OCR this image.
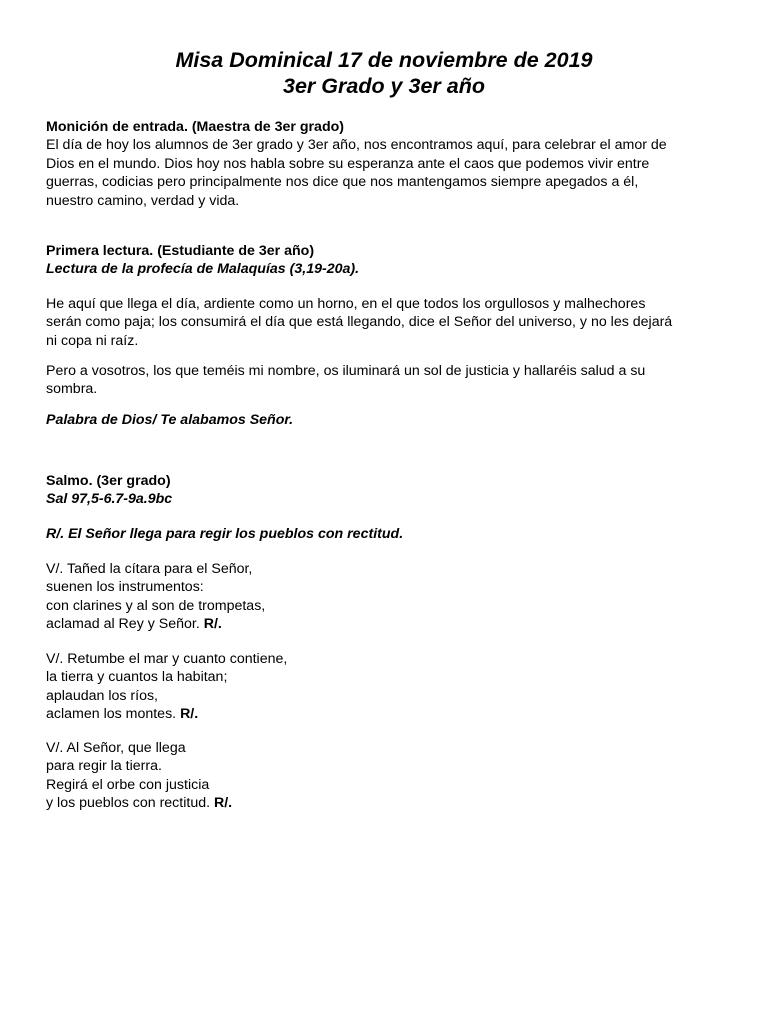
Misa Dominical 17 de noviembre de 2019
3er Grado y 3er año

Monición de entrada. (Maestra de 3er grado)

El día de hoy los alumnos de 3er grado y 3er año, nos encontramos aquí, para celebrar el amor de

Dios en el mundo. Dios hoy nos habla sobre su esperanza ante el caos que podemos vivir entre

guerras, codicias pero principalmente nos dice que nos mantengamos siempre apegados a él,

nuestro camino, verdad y vida.

Primera lectura. (Estudiante de 3er año)

Lectura de la profecía de Malaquías (3,19-20a).

He aquí que llega el día, ardiente como un horno, en el que todos los orgullosos y malhechores

serán como paja; los consumirá el día que está llegando, dice el Señor del universo, y no les dejará

ni copa ni raíz.

Pero a vosotros, los que teméis mi nombre, os iluminará un sol de justicia y hallaréis salud a su

sombra.

Palabra de Dios/ Te alabamos Señor.

Salmo. (3er grado)

Sal 97,5-6.7-9a.9bc

R/. El Señor llega para regir los pueblos con rectitud.

V/. Tañed la cítara para el Señor,

suenen los instrumentos:

con clarines y al son de trompetas,

aclamad al Rey y Señor. R/.

V/. Retumbe el mar y cuanto contiene,

la tierra y cuantos la habitan;

aplaudan los ríos,

aclamen los montes. R/.

V/. Al Señor, que llega

para regir la tierra.

Regirá el orbe con justicia

y los pueblos con rectitud. R/.
